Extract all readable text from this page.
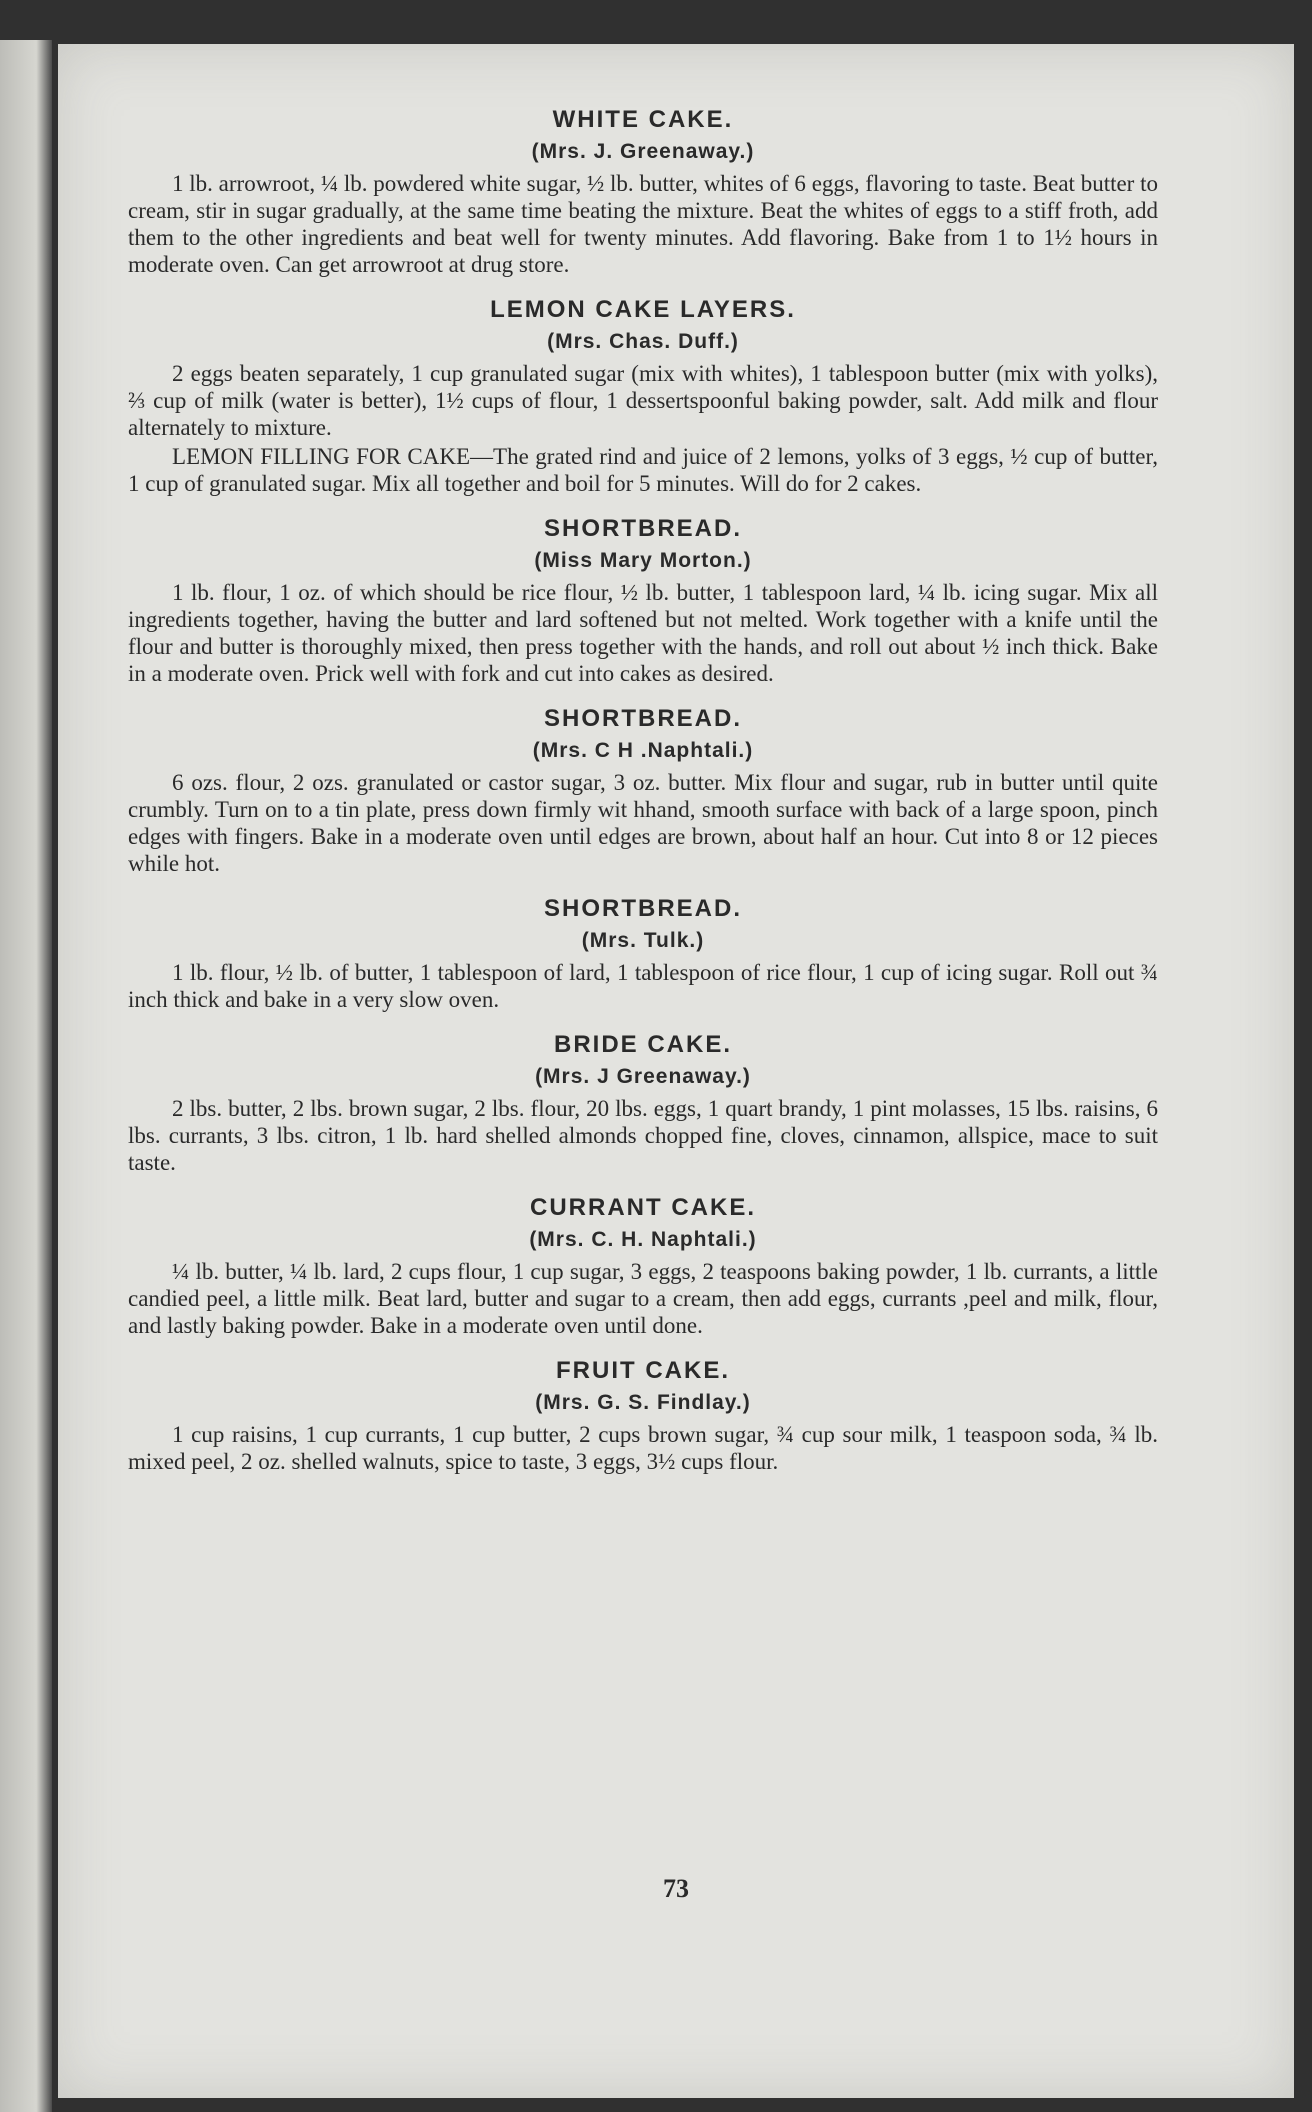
WHITE CAKE.
(Mrs. J. Greenaway.)

1 lb. arrowroot, ¼ lb. powdered white sugar, ½ lb. butter, whites of 6 eggs, flavoring to taste. Beat butter to cream, stir in sugar gradually, at the same time beating the mixture. Beat the whites of eggs to a stiff froth, add them to the other ingredients and beat well for twenty minutes. Add flavoring. Bake from 1 to 1½ hours in moderate oven. Can get arrowroot at drug store.

LEMON CAKE LAYERS.
(Mrs. Chas. Duff.)

2 eggs beaten separately, 1 cup granulated sugar (mix with whites), 1 tablespoon butter (mix with yolks), ⅔ cup of milk (water is better), 1½ cups of flour, 1 dessertspoonful baking powder, salt. Add milk and flour alternately to mixture.

LEMON FILLING FOR CAKE—The grated rind and juice of 2 lemons, yolks of 3 eggs, ½ cup of butter, 1 cup of granulated sugar. Mix all together and boil for 5 minutes. Will do for 2 cakes.

SHORTBREAD.
(Miss Mary Morton.)

1 lb. flour, 1 oz. of which should be rice flour, ½ lb. butter, 1 tablespoon lard, ¼ lb. icing sugar. Mix all ingredients together, having the butter and lard softened but not melted. Work together with a knife until the flour and butter is thoroughly mixed, then press together with the hands, and roll out about ½ inch thick. Bake in a moderate oven. Prick well with fork and cut into cakes as desired.

SHORTBREAD.
(Mrs. C H .Naphtali.)

6 ozs. flour, 2 ozs. granulated or castor sugar, 3 oz. butter. Mix flour and sugar, rub in butter until quite crumbly. Turn on to a tin plate, press down firmly wit hhand, smooth surface with back of a large spoon, pinch edges with fingers. Bake in a moderate oven until edges are brown, about half an hour. Cut into 8 or 12 pieces while hot.

SHORTBREAD.
(Mrs. Tulk.)

1 lb. flour, ½ lb. of butter, 1 tablespoon of lard, 1 tablespoon of rice flour, 1 cup of icing sugar. Roll out ¾ inch thick and bake in a very slow oven.

BRIDE CAKE.
(Mrs. J Greenaway.)

2 lbs. butter, 2 lbs. brown sugar, 2 lbs. flour, 20 lbs. eggs, 1 quart brandy, 1 pint molasses, 15 lbs. raisins, 6 lbs. currants, 3 lbs. citron, 1 lb. hard shelled almonds chopped fine, cloves, cinnamon, allspice, mace to suit taste.

CURRANT CAKE.
(Mrs. C. H. Naphtali.)

¼ lb. butter, ¼ lb. lard, 2 cups flour, 1 cup sugar, 3 eggs, 2 teaspoons baking powder, 1 lb. currants, a little candied peel, a little milk. Beat lard, butter and sugar to a cream, then add eggs, currants ,peel and milk, flour, and lastly baking powder. Bake in a moderate oven until done.

FRUIT CAKE.
(Mrs. G. S. Findlay.)

1 cup raisins, 1 cup currants, 1 cup butter, 2 cups brown sugar, ¾ cup sour milk, 1 teaspoon soda, ¾ lb. mixed peel, 2 oz. shelled walnuts, spice to taste, 3 eggs, 3½ cups flour.

73
